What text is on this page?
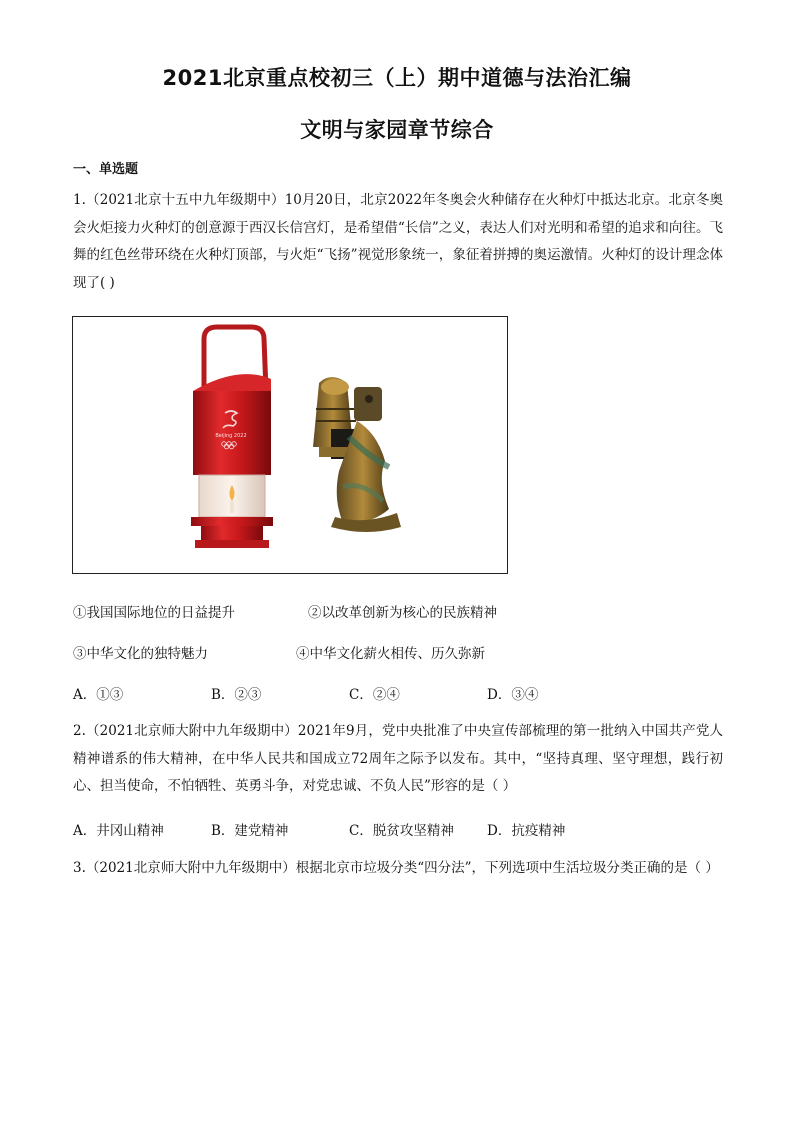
2021北京重点校初三（上）期中道德与法治汇编
文明与家园章节综合
一、单选题
1.（2021北京十五中九年级期中）10月20日，北京2022年冬奥会火种储存在火种灯中抵达北京。北京冬奥会火炬接力火种灯的创意源于西汉长信宫灯，是希望借“长信”之义，表达人们对光明和希望的追求和向往。飞舞的红色丝带环绕在火种灯顶部，与火炬“飞扬”视觉形象统一，象征着拼搏的奥运激情。火种灯的设计理念体现了( )
Beijing 2022
①我国国际地位的日益提升	②以改革创新为核心的民族精神
③中华文化的独特魅力	④中华文化薪火相传、历久弥新
A．①③	B．②③	C．②④	D．③④
2.（2021北京师大附中九年级期中）2021年9月，党中央批准了中央宣传部梳理的第一批纳入中国共产党人精神谱系的伟大精神，在中华人民共和国成立72周年之际予以发布。其中，“坚持真理、坚守理想，践行初心、担当使命，不怕牺牲、英勇斗争，对党忠诚、不负人民”形容的是（ ）
A．井冈山精神	B．建党精神	C．脱贫攻坚精神 D．抗疫精神
3.（2021北京师大附中九年级期中）根据北京市垃圾分类“四分法”，下列选项中生活垃圾分类正确的是（ ）
